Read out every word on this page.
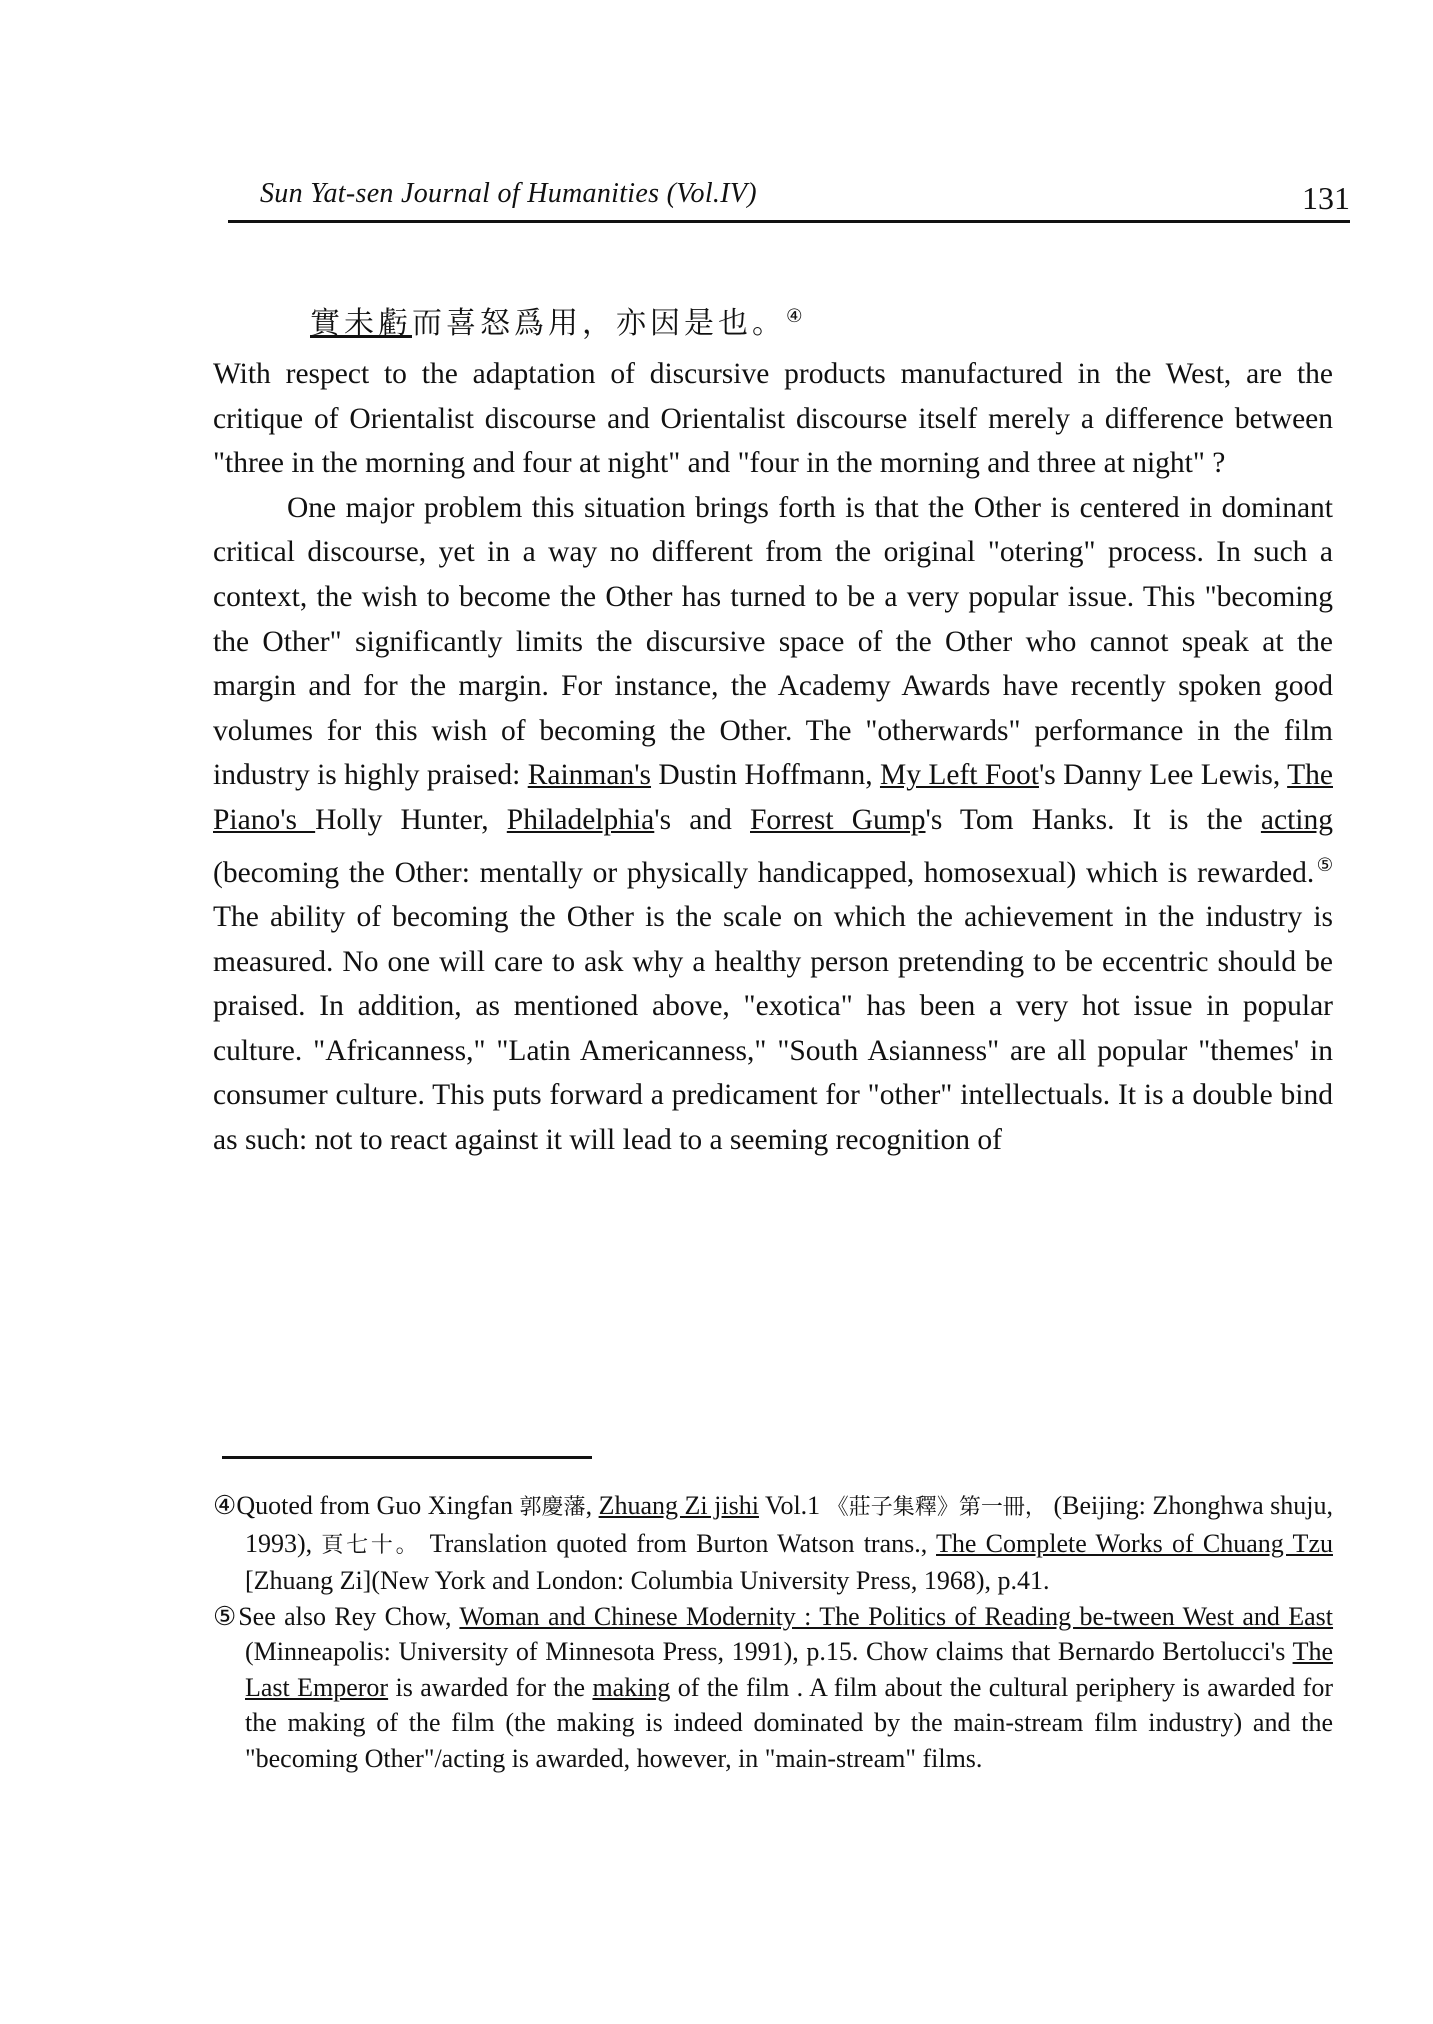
Sun Yat-sen Journal of Humanities (Vol.IV)	131
實未虧而喜怒爲用，亦因是也。④

With respect to the adaptation of discursive products manufactured in the West, are the critique of Orientalist discourse and Orientalist discourse itself merely a difference between "three in the morning and four at night" and "four in the morning and three at night" ?

One major problem this situation brings forth is that the Other is centered in dominant critical discourse, yet in a way no different from the original "otering" process. In such a context, the wish to become the Other has turned to be a very popular issue. This "becoming the Other" significantly limits the discursive space of the Other who cannot speak at the margin and for the margin. For instance, the Academy Awards have recently spoken good volumes for this wish of becoming the Other. The "otherwards" performance in the film industry is highly praised: Rainman's Dustin Hoffmann, My Left Foot's Danny Lee Lewis, The Piano's Holly Hunter, Philadelphia's and Forrest Gump's Tom Hanks. It is the acting (becoming the Other: mentally or physically handicapped, homosexual) which is rewarded.⑤ The ability of becoming the Other is the scale on which the achievement in the industry is measured. No one will care to ask why a healthy person pretending to be eccentric should be praised. In addition, as mentioned above, "exotica" has been a very hot issue in popular culture. "Africanness," "Latin Americanness," "South Asianness" are all popular "themes' in consumer culture. This puts forward a predicament for "other" intellectuals. It is a double bind as such: not to react against it will lead to a seeming recognition of

④Quoted from Guo Xingfan 郭慶藩, Zhuang Zi jishi Vol.1 《莊子集釋》第一冊， (Beijing: Zhonghwa shuju, 1993), 頁七十。 Translation quoted from Burton Watson trans., The Complete Works of Chuang Tzu [Zhuang Zi](New York and London: Columbia University Press, 1968), p.41.

⑤See also Rey Chow, Woman and Chinese Modernity : The Politics of Reading be-tween West and East (Minneapolis: University of Minnesota Press, 1991), p.15. Chow claims that Bernardo Bertolucci's The Last Emperor is awarded for the making of the film . A film about the cultural periphery is awarded for the making of the film (the making is indeed dominated by the main-stream film industry) and the "becoming Other"/acting is awarded, however, in "main-stream" films.
